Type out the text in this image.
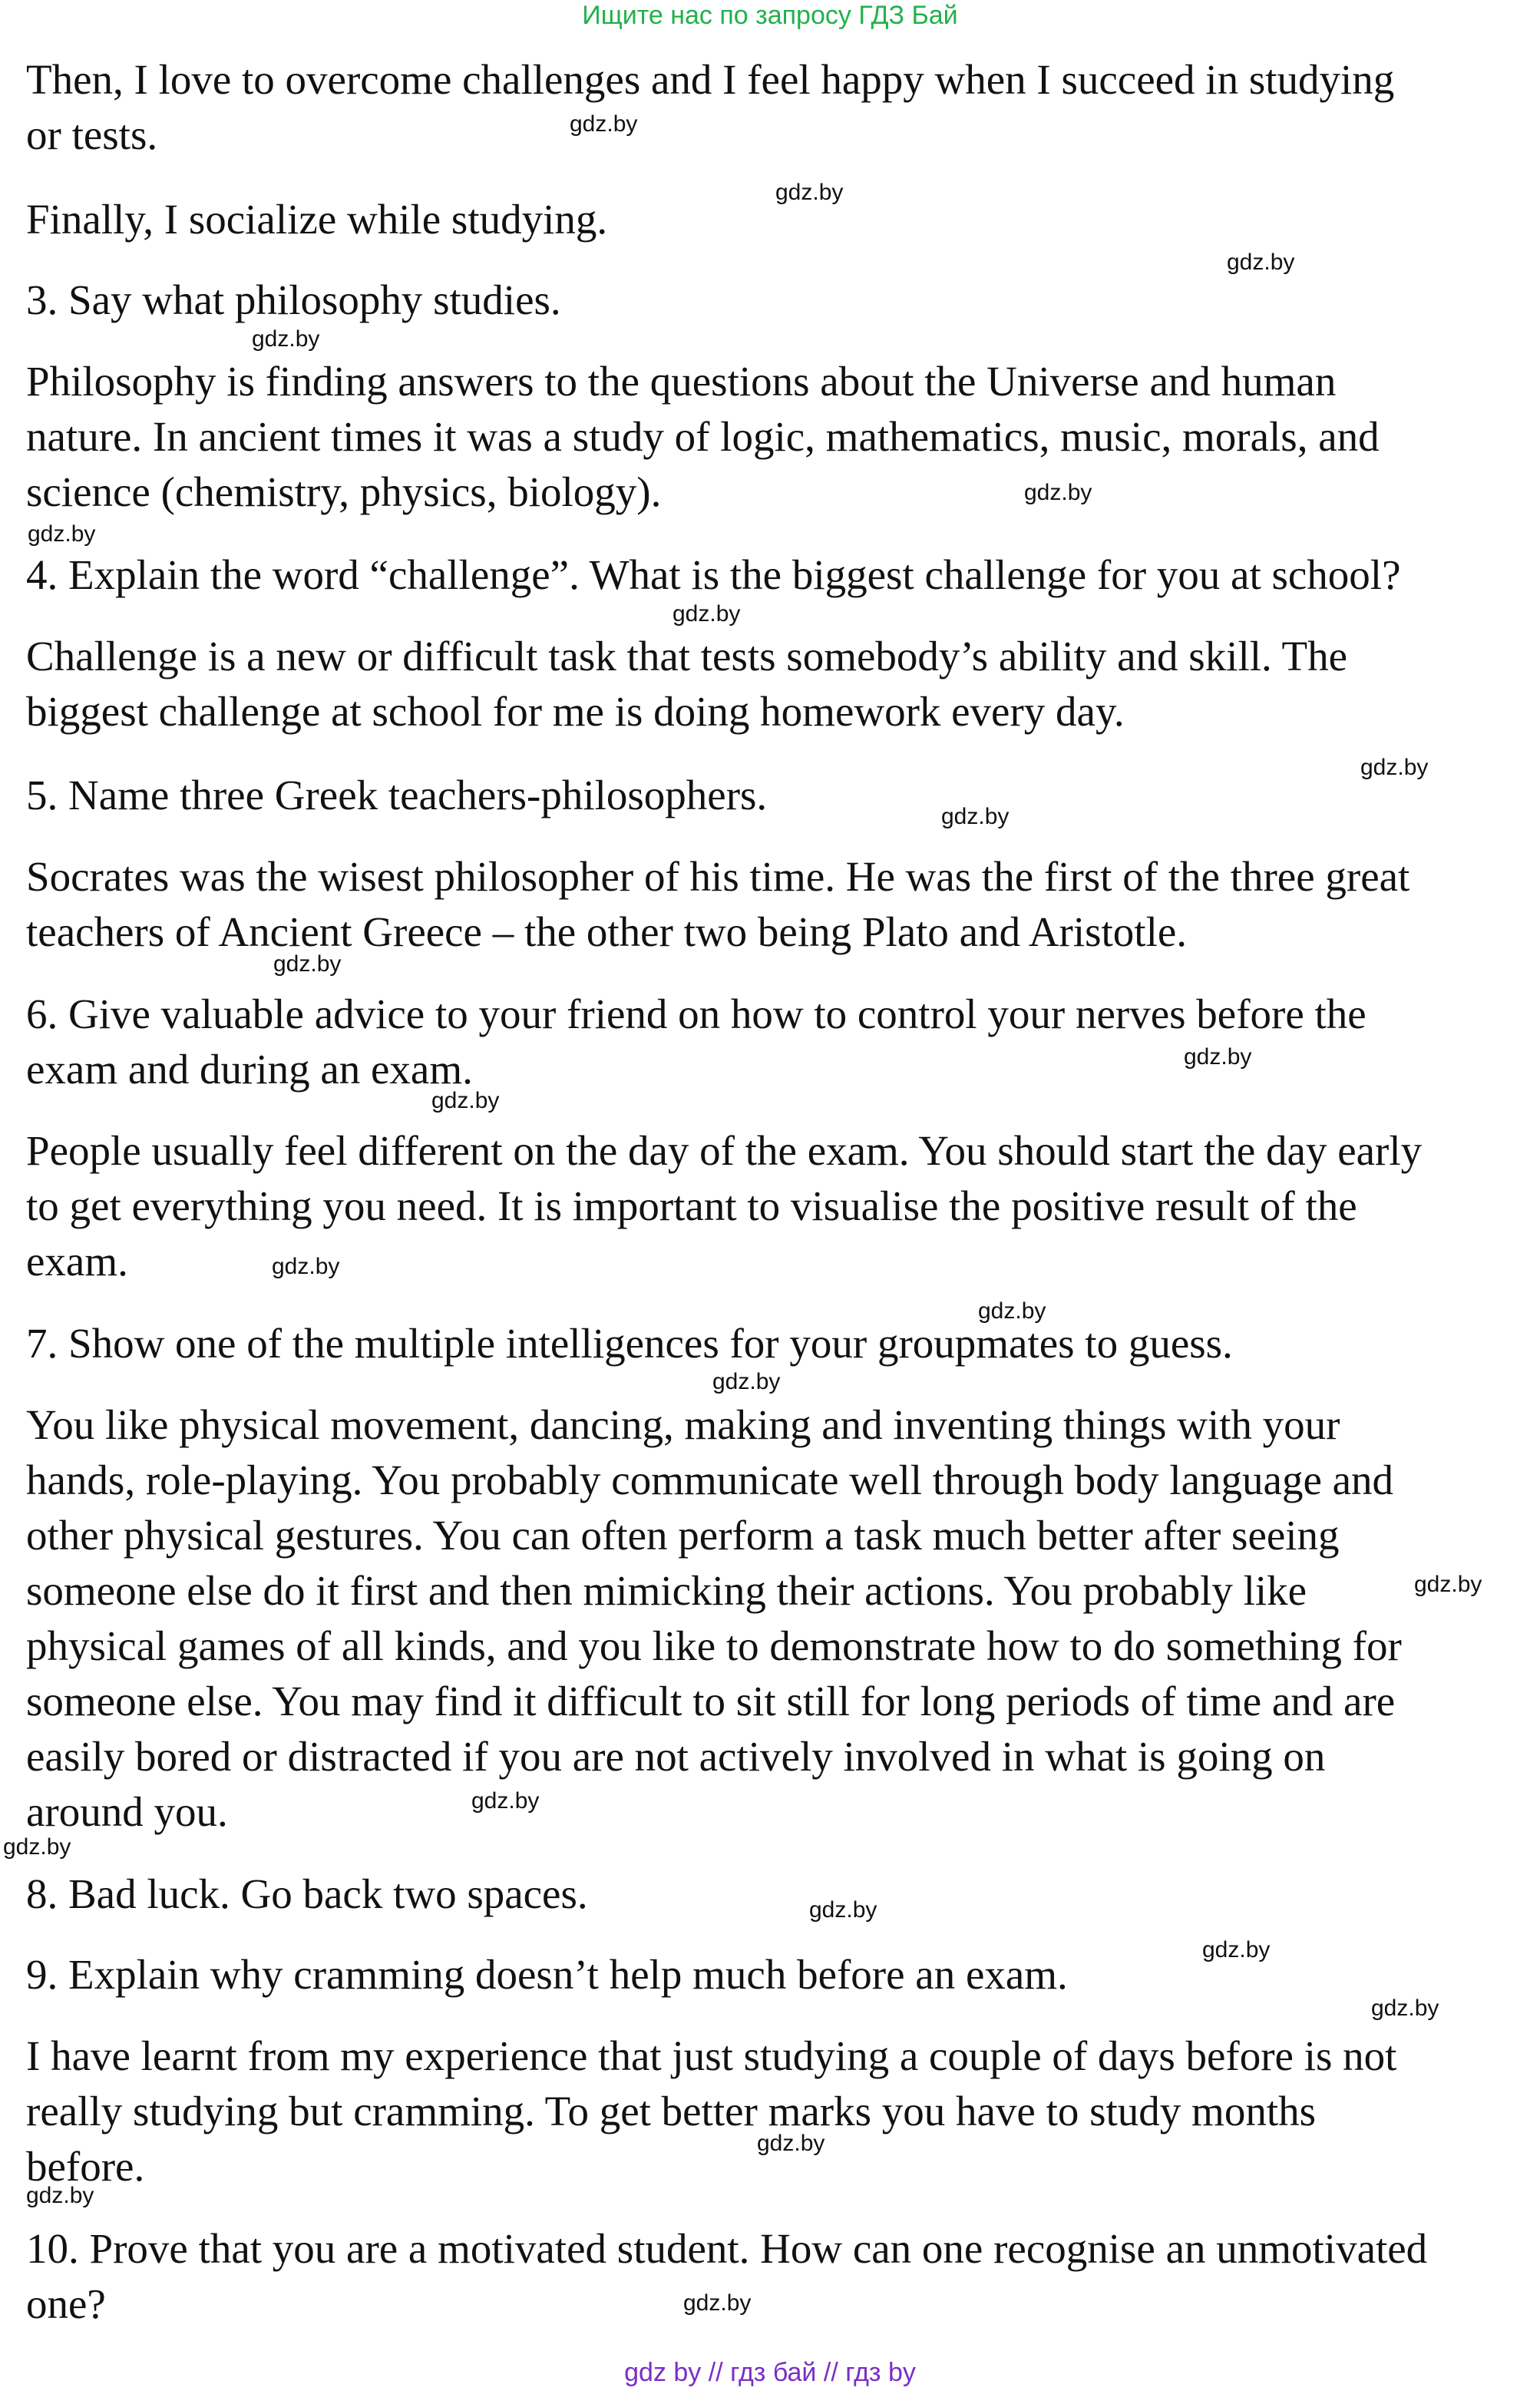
Ищите нас по запросу ГДЗ Бай
Then, I love to overcome challenges and I feel happy when I succeed in studying
or tests.
Finally, I socialize while studying.
3. Say what philosophy studies.
Philosophy is finding answers to the questions about the Universe and human
nature. In ancient times it was a study of logic, mathematics, music, morals, and
science (chemistry, physics, biology).
4. Explain the word “challenge”. What is the biggest challenge for you at school?
Challenge is a new or difficult task that tests somebody’s ability and skill. The
biggest challenge at school for me is doing homework every day.
5. Name three Greek teachers-philosophers.
Socrates was the wisest philosopher of his time. He was the first of the three great
teachers of Ancient Greece – the other two being Plato and Aristotle.
6. Give valuable advice to your friend on how to control your nerves before the
exam and during an exam.
People usually feel different on the day of the exam. You should start the day early
to get everything you need. It is important to visualise the positive result of the
exam.
7. Show one of the multiple intelligences for your groupmates to guess.
You like physical movement, dancing, making and inventing things with your
hands, role-playing. You probably communicate well through body language and
other physical gestures. You can often perform a task much better after seeing
someone else do it first and then mimicking their actions. You probably like
physical games of all kinds, and you like to demonstrate how to do something for
someone else. You may find it difficult to sit still for long periods of time and are
easily bored or distracted if you are not actively involved in what is going on
around you.
8. Bad luck. Go back two spaces.
9. Explain why cramming doesn’t help much before an exam.
I have learnt from my experience that just studying a couple of days before is not
really studying but cramming. To get better marks you have to study months
before.
10. Prove that you are a motivated student. How can one recognise an unmotivated
one?
gdz.by
gdz.by
gdz.by
gdz.by
gdz.by
gdz.by
gdz.by
gdz.by
gdz.by
gdz.by
gdz.by
gdz.by
gdz.by
gdz.by
gdz.by
gdz.by
gdz.by
gdz.by
gdz.by
gdz.by
gdz.by
gdz.by
gdz.by
gdz.by
gdz by // гдз бай // гдз by
